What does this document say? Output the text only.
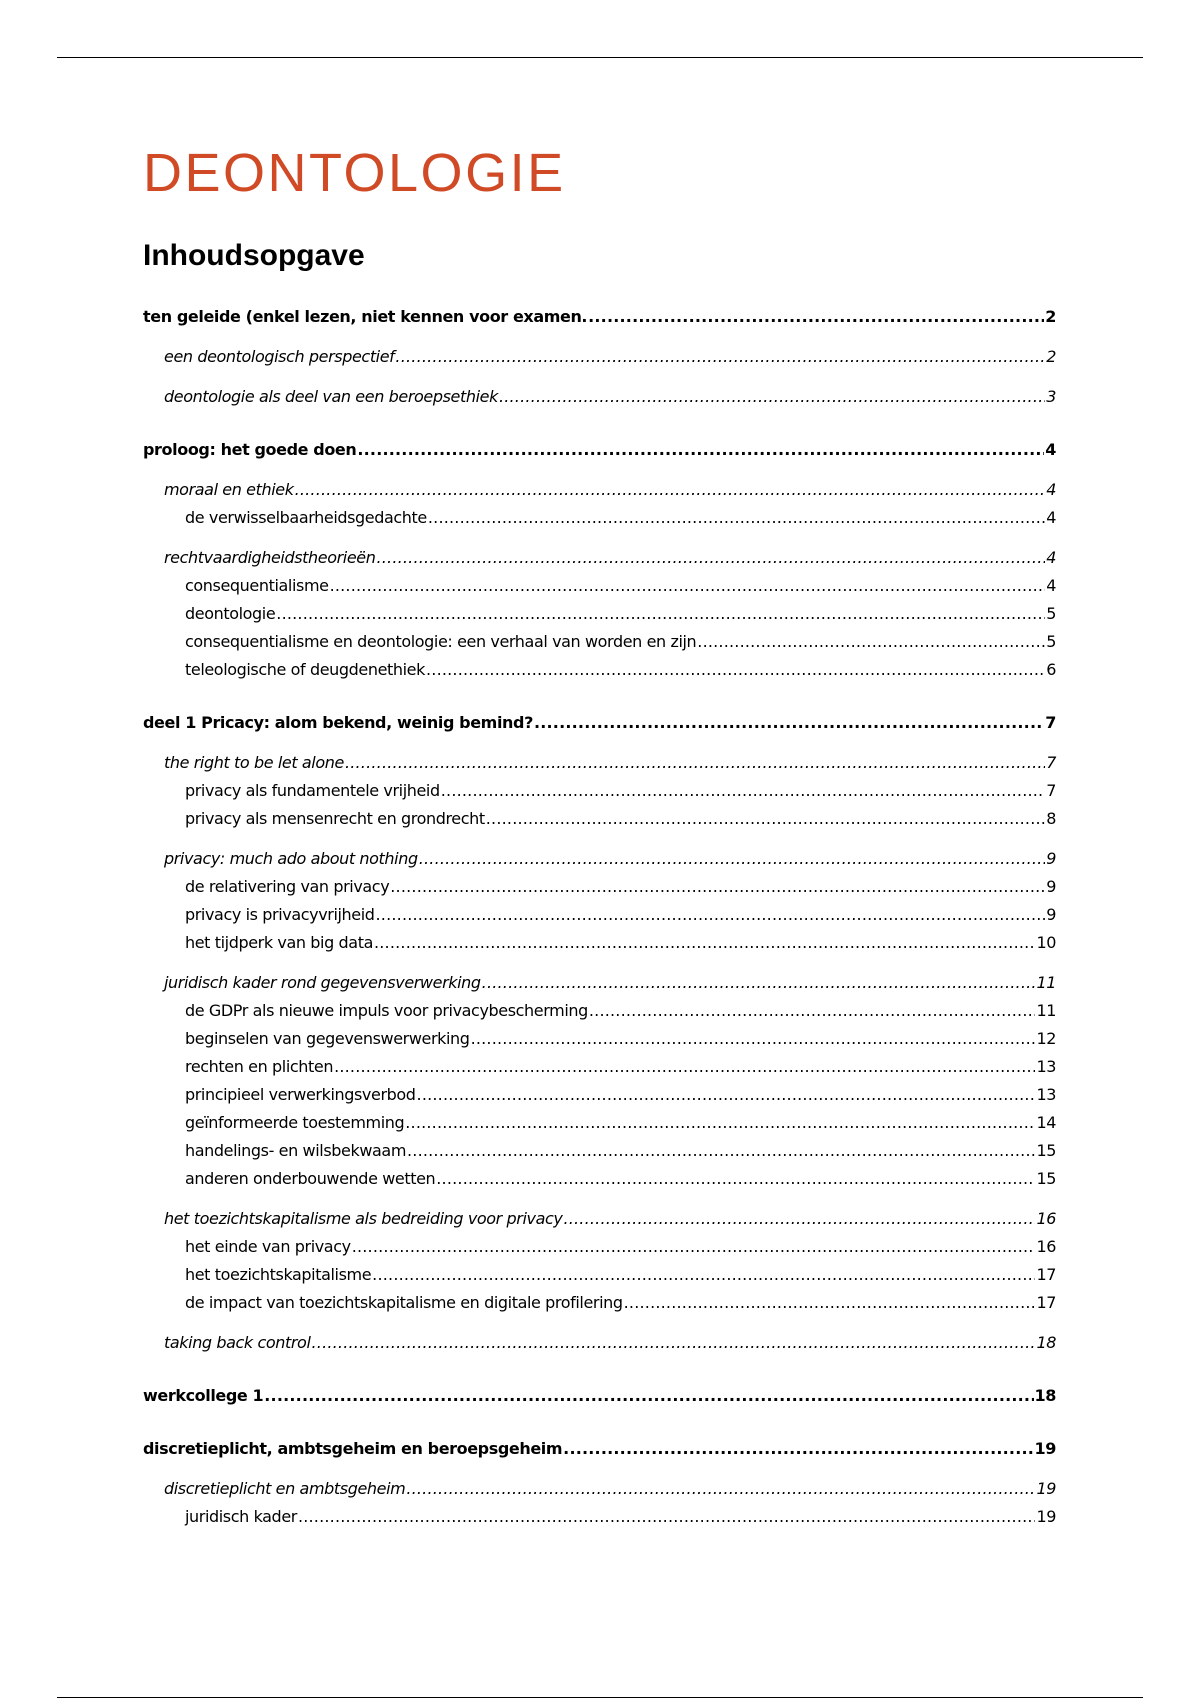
DEONTOLOGIE
Inhoudsopgave
ten geleide (enkel lezen, niet kennen voor examen. .....	2
een deontologisch perspectief .....	2
deontologie als deel van een beroepsethiek .....	3
proloog: het goede doen .....	4
moraal en ethiek .....	4
de verwisselbaarheidsgedachte .....	4
rechtvaardigheidstheorieën .....	4
consequentialisme .....	4
deontologie .....	5
consequentialisme en deontologie: een verhaal van worden en zijn .....	5
teleologische of deugdenethiek .....	6
deel 1 Pricacy: alom bekend, weinig bemind? .....	7
the right to be let alone .....	7
privacy als fundamentele vrijheid .....	7
privacy als mensenrecht en grondrecht .....	8
privacy: much ado about nothing .....	9
de relativering van privacy .....	9
privacy is privacyvrijheid .....	9
het tijdperk van big data .....	10
juridisch kader rond gegevensverwerking .....	11
de GDPr als nieuwe impuls voor privacybescherming .....	11
beginselen van gegevenswerwerking .....	12
rechten en plichten .....	13
principieel verwerkingsverbod .....	13
geïnformeerde toestemming .....	14
handelings- en wilsbekwaam .....	15
anderen onderbouwende wetten .....	15
het toezichtskapitalisme als bedreiding voor privacy .....	16
het einde van privacy .....	16
het toezichtskapitalisme .....	17
de impact van toezichtskapitalisme en digitale profilering .....	17
taking back control .....	18
werkcollege 1 .....	18
discretieplicht, ambtsgeheim en beroepsgeheim .....	19
discretieplicht en ambtsgeheim .....	19
juridisch kader .....	19
